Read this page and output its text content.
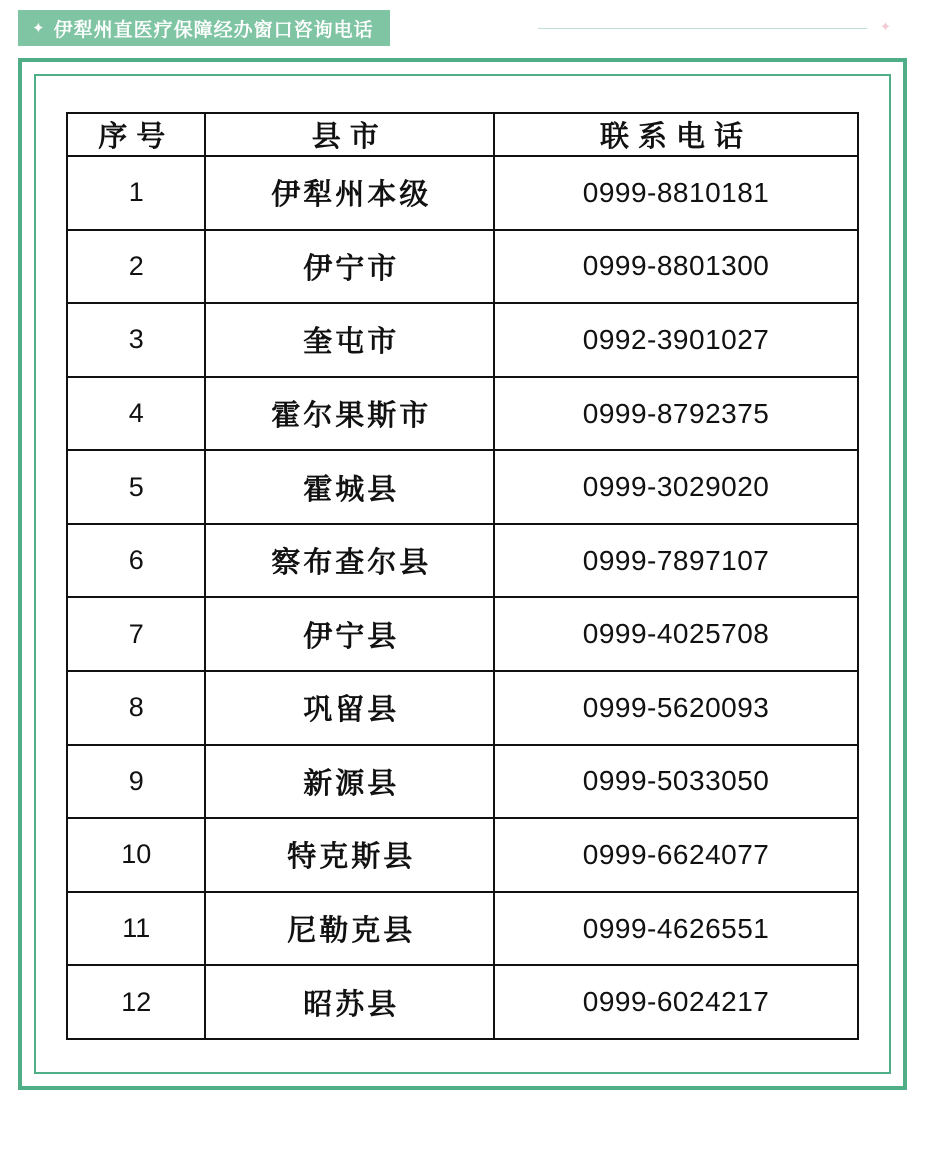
✦ 伊犁州直医疗保障经办窗口咨询电话	✦
序号	县市	联系电话
1	伊犁州本级	0999-8810181
2	伊宁市	0999-8801300
3	奎屯市	0992-3901027
4	霍尔果斯市	0999-8792375
5	霍城县	0999-3029020
6	察布查尔县	0999-7897107
7	伊宁县	0999-4025708
8	巩留县	0999-5620093
9	新源县	0999-5033050
10	特克斯县	0999-6624077
11	尼勒克县	0999-4626551
12	昭苏县	0999-6024217
